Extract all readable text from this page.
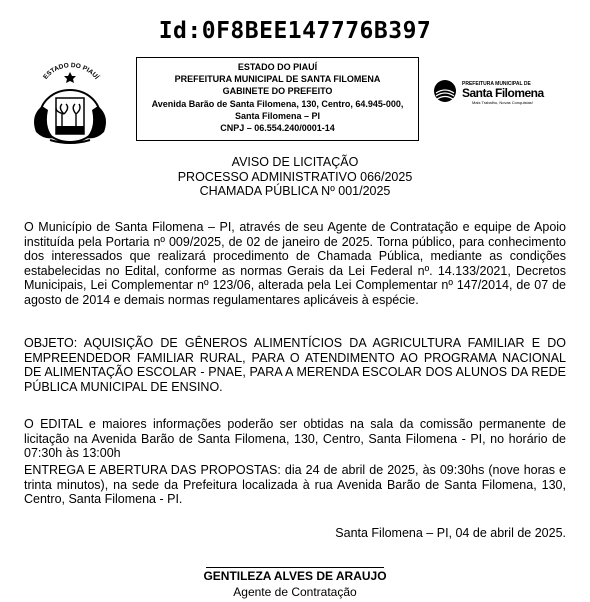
Id:0F8BEE147776B397
ESTADO DO PIAUÍ
ESTADO DO PIAUÍ
PREFEITURA MUNICIPAL DE SANTA FILOMENA
GABINETE DO PREFEITO
Avenida Barão de Santa Filomena, 130, Centro, 64.945-000,
Santa Filomena – PI
CNPJ – 06.554.240/0001-14
PREFEITURA MUNICIPAL DE
Santa Filomena
Mais Trabalho, Novas Conquistas!
AVISO DE LICITAÇÃO
PROCESSO ADMINISTRATIVO 066/2025
CHAMADA PÚBLICA Nº 001/2025
O Município de Santa Filomena – PI, através de seu Agente de Contratação e equipe de Apoio instituída pela Portaria nº 009/2025, de 02 de janeiro de 2025. Torna público, para conhecimento dos interessados que realizará procedimento de Chamada Pública, mediante as condições estabelecidas no Edital, conforme as normas Gerais da Lei Federal nº. 14.133/2021, Decretos Municipais, Lei Complementar nº 123/06, alterada pela Lei Complementar nº 147/2014, de 07 de agosto de 2014 e demais normas regulamentares aplicáveis à espécie.
OBJETO: AQUISIÇÃO DE GÊNEROS ALIMENTÍCIOS DA AGRICULTURA FAMILIAR E DO EMPREENDEDOR FAMILIAR RURAL, PARA O ATENDIMENTO AO PROGRAMA NACIONAL DE ALIMENTAÇÃO ESCOLAR - PNAE, PARA A MERENDA ESCOLAR DOS ALUNOS DA REDE PÚBLICA MUNICIPAL DE ENSINO.
O EDITAL e maiores informações poderão ser obtidas na sala da comissão permanente de licitação na Avenida Barão de Santa Filomena, 130, Centro, Santa Filomena - PI, no horário de 07:30h às 13:00h
ENTREGA E ABERTURA DAS PROPOSTAS: dia 24 de abril de 2025, às 09:30hs (nove horas e trinta minutos), na sede da Prefeitura localizada à rua Avenida Barão de Santa Filomena, 130, Centro, Santa Filomena - PI.
Santa Filomena – PI, 04 de abril de 2025.
GENTILEZA ALVES DE ARAUJO
Agente de Contratação
